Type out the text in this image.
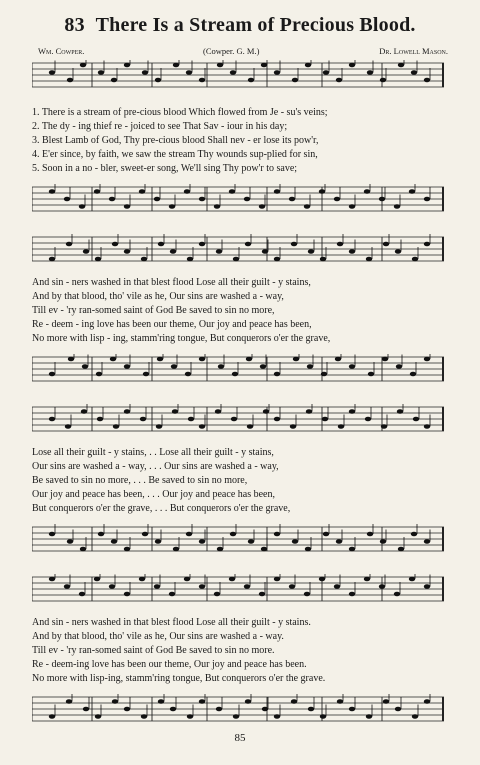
83 There Is a Stream of Precious Blood.
Wm. Cowper.	(Cowper. G. M.)	Dr. Lowell Mason.
1. There is a stream of pre-cious blood Which flowed from Je - su's veins;
2. The dy - ing thief re - joiced to see That Sav - iour in his day;
3. Blest Lamb of God, Thy pre-cious blood Shall nev - er lose its pow'r,
4. E'er since, by faith, we saw the stream Thy wounds sup-plied for sin,
5. Soon in a no - bler, sweet-er song, We'll sing Thy pow'r to save;
And sin - ners washed in that blest flood Lose all their guilt - y stains,
And by that blood, tho' vile as he, Our sins are washed a - way,
Till ev - 'ry ran-somed saint of God Be saved to sin no more,
Re - deem - ing love has been our theme, Our joy and peace has been,
No more with lisp - ing, stamm'ring tongue, But conquerors o'er the grave,
Lose all their guilt - y stains, . . Lose all their guilt - y stains,
Our sins are washed a - way, . . . Our sins are washed a - way,
Be saved to sin no more, . . . Be saved to sin no more,
Our joy and peace has been, . . . Our joy and peace has been,
But conquerors o'er the grave, . . . But conquerors o'er the grave,
And sin - ners washed in that blest flood Lose all their guilt - y stains.
And by that blood, tho' vile as he, Our sins are washed a - way.
Till ev - 'ry ran-somed saint of God Be saved to sin no more.
Re - deem-ing love has been our theme, Our joy and peace has been.
No more with lisp-ing, stamm'ring tongue, But conquerors o'er the grave.
85
